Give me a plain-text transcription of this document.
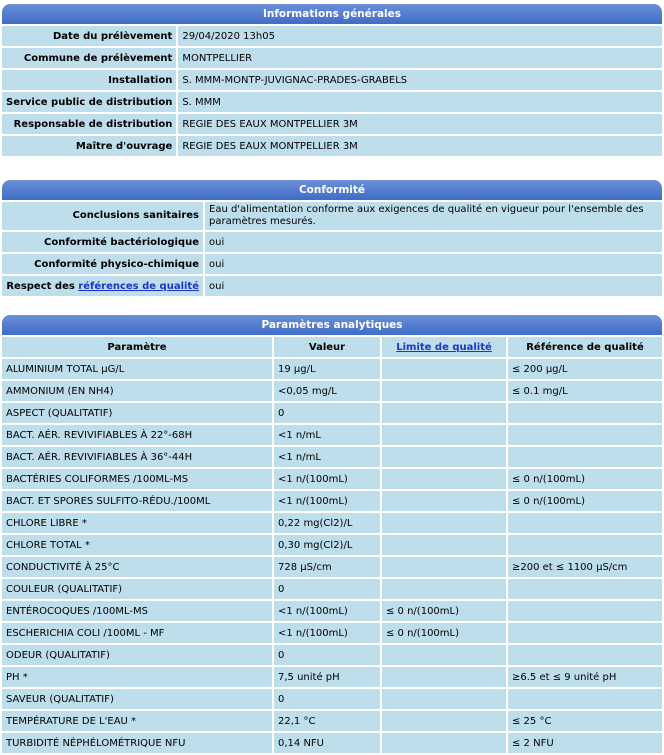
Informations générales
Date du prélèvement	29/04/2020 13h05
Commune de prélèvement	MONTPELLIER
Installation	S. MMM-MONTP-JUVIGNAC-PRADES-GRABELS
Service public de distribution	S. MMM
Responsable de distribution	REGIE DES EAUX MONTPELLIER 3M
Maître d'ouvrage	REGIE DES EAUX MONTPELLIER 3M
Conformité
Conclusions sanitaires	Eau d'alimentation conforme aux exigences de qualité en vigueur pour l'ensemble des paramètres mesurés.
Conformité bactériologique	oui
Conformité physico-chimique	oui
Respect des références de qualité	oui
Paramètres analytiques
Paramètre	Valeur	Limite de qualité	Référence de qualité
ALUMINIUM TOTAL µG/L	19 µg/L		≤ 200 µg/L
AMMONIUM (EN NH4)	<0,05 mg/L		≤ 0.1 mg/L
ASPECT (QUALITATIF)	0		
BACT. AÉR. REVIVIFIABLES À 22°-68H	<1 n/mL		
BACT. AÉR. REVIVIFIABLES À 36°-44H	<1 n/mL		
BACTÉRIES COLIFORMES /100ML-MS	<1 n/(100mL)		≤ 0 n/(100mL)
BACT. ET SPORES SULFITO-RÉDU./100ML	<1 n/(100mL)		≤ 0 n/(100mL)
CHLORE LIBRE *	0,22 mg(Cl2)/L		
CHLORE TOTAL *	0,30 mg(Cl2)/L		
CONDUCTIVITÉ À 25°C	728 µS/cm		≥200 et ≤ 1100 µS/cm
COULEUR (QUALITATIF)	0		
ENTÉROCOQUES /100ML-MS	<1 n/(100mL)	≤ 0 n/(100mL)	
ESCHERICHIA COLI /100ML - MF	<1 n/(100mL)	≤ 0 n/(100mL)	
ODEUR (QUALITATIF)	0		
PH *	7,5 unité pH		≥6.5 et ≤ 9 unité pH
SAVEUR (QUALITATIF)	0		
TEMPÉRATURE DE L'EAU *	22,1 °C		≤ 25 °C
TURBIDITÉ NÉPHÉLOMÉTRIQUE NFU	0,14 NFU		≤ 2 NFU
